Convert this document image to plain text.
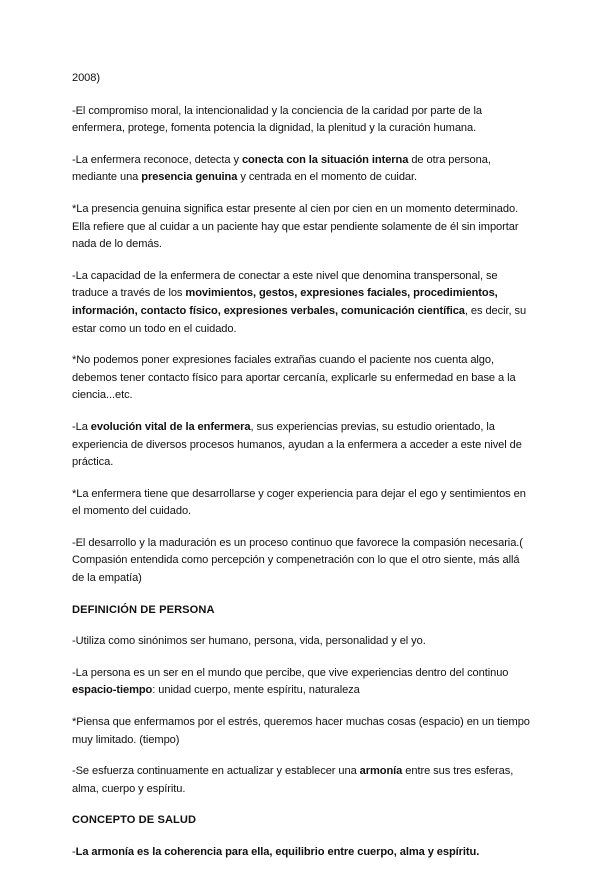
2008)

-El compromiso moral, la intencionalidad y la conciencia de la caridad por parte de la enfermera, protege, fomenta potencia la dignidad, la plenitud y la curación humana.

-La enfermera reconoce, detecta y conecta con la situación interna de otra persona, mediante una presencia genuina y centrada en el momento de cuidar.

*La presencia genuina significa estar presente al cien por cien en un momento determinado. Ella refiere que al cuidar a un paciente hay que estar pendiente solamente de él sin importar nada de lo demás.

-La capacidad de la enfermera de conectar a este nivel que denomina transpersonal, se traduce a través de los movimientos, gestos, expresiones faciales, procedimientos, información, contacto físico, expresiones verbales, comunicación científica, es decir, su estar como un todo en el cuidado.

*No podemos poner expresiones faciales extrañas cuando el paciente nos cuenta algo, debemos tener contacto físico para aportar cercanía, explicarle su enfermedad en base a la ciencia...etc.

-La evolución vital de la enfermera, sus experiencias previas, su estudio orientado, la experiencia de diversos procesos humanos, ayudan a la enfermera a acceder a este nivel de práctica.

*La enfermera tiene que desarrollarse y coger experiencia para dejar el ego y sentimientos en el momento del cuidado.

-El desarrollo y la maduración es un proceso continuo que favorece la compasión necesaria.( Compasión entendida como percepción y compenetración con lo que el otro siente, más allá de la empatía)

DEFINICIÓN DE PERSONA

-Utiliza como sinónimos ser humano, persona, vida, personalidad y el yo.

-La persona es un ser en el mundo que percibe, que vive experiencias dentro del continuo espacio-tiempo: unidad cuerpo, mente espíritu, naturaleza

*Piensa que enfermamos por el estrés, queremos hacer muchas cosas (espacio) en un tiempo muy limitado. (tiempo)

-Se esfuerza continuamente en actualizar y establecer una armonía entre sus tres esferas, alma, cuerpo y espíritu.

CONCEPTO DE SALUD

-La armonía es la coherencia para ella, equilibrio entre cuerpo, alma y espíritu.
